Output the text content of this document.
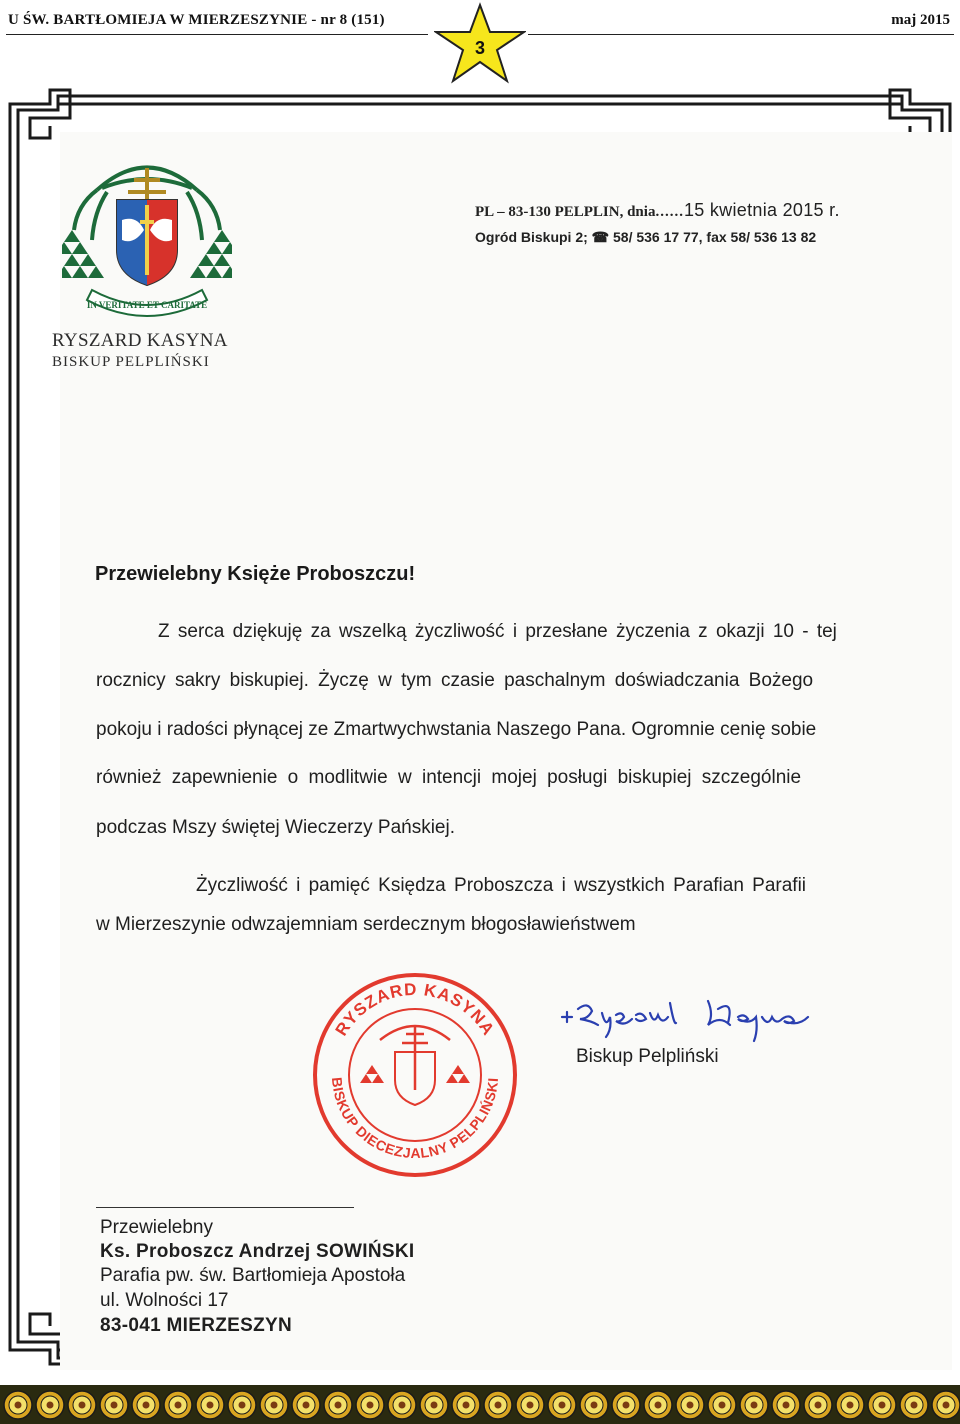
U ŚW. BARTŁOMIEJA W MIERZESZYNIE - nr 8 (151)	maj 2015
3
IN VERITATE ET CARITATE
RYSZARD KASYNA
BISKUP PELPLIŃSKI
PL – 83-130 PELPLIN, dnia......15 kwietnia 2015 r.
Ogród Biskupi 2; ☎ 58/ 536 17 77, fax 58/ 536 13 82
Przewielebny Księże Proboszczu!
Z serca dziękuję za wszelką życzliwość i przesłane życzenia z okazji 10 - tej
rocznicy sakry biskupiej. Życzę w tym czasie paschalnym doświadczania Bożego
pokoju i radości płynącej ze Zmartwychwstania Naszego Pana. Ogromnie cenię sobie
również zapewnienie o modlitwie w intencji mojej posługi biskupiej szczególnie
podczas Mszy świętej Wieczerzy Pańskiej.
Życzliwość i pamięć Księdza Proboszcza i wszystkich Parafian Parafii
w Mierzeszynie odwzajemniam serdecznym błogosławieństwem
RYSZARD KASYNA
BISKUP DIECEZJALNY PELPLIŃSKI
Biskup Pelpliński
Przewielebny
Ks. Proboszcz Andrzej SOWIŃSKI
Parafia pw. św. Bartłomieja Apostoła
ul. Wolności 17
83-041 MIERZESZYN
